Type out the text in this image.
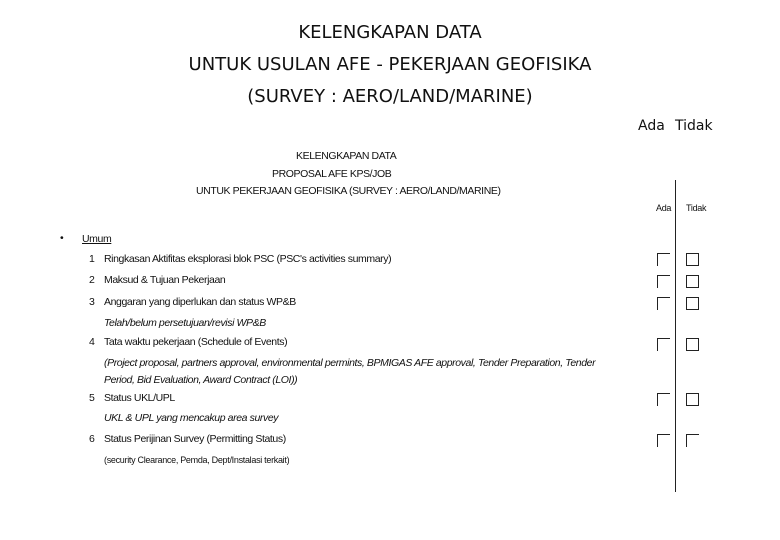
KELENGKAPAN DATA
UNTUK USULAN AFE - PEKERJAAN GEOFISIKA
(SURVEY : AERO/LAND/MARINE)
Ada Tidak
KELENGKAPAN DATA
PROPOSAL AFE KPS/JOB
UNTUK PEKERJAAN GEOFISIKA (SURVEY : AERO/LAND/MARINE)
Ada Tidak
• Umum
1 Ringkasan Aktifitas eksplorasi blok PSC (PSC's activities summary)
2 Maksud & Tujuan Pekerjaan
3 Anggaran yang diperlukan dan status WP&B
Telah/belum persetujuan/revisi WP&B
4 Tata waktu pekerjaan (Schedule of Events)
(Project proposal, partners approval, environmental permints, BPMIGAS AFE approval, Tender Preparation, Tender
Period, Bid Evaluation, Award Contract (LOI))
5 Status UKL/UPL
UKL & UPL yang mencakup area survey
6 Status Perijinan Survey (Permitting Status)
(security Clearance, Pemda, Dept/Instalasi terkait)
